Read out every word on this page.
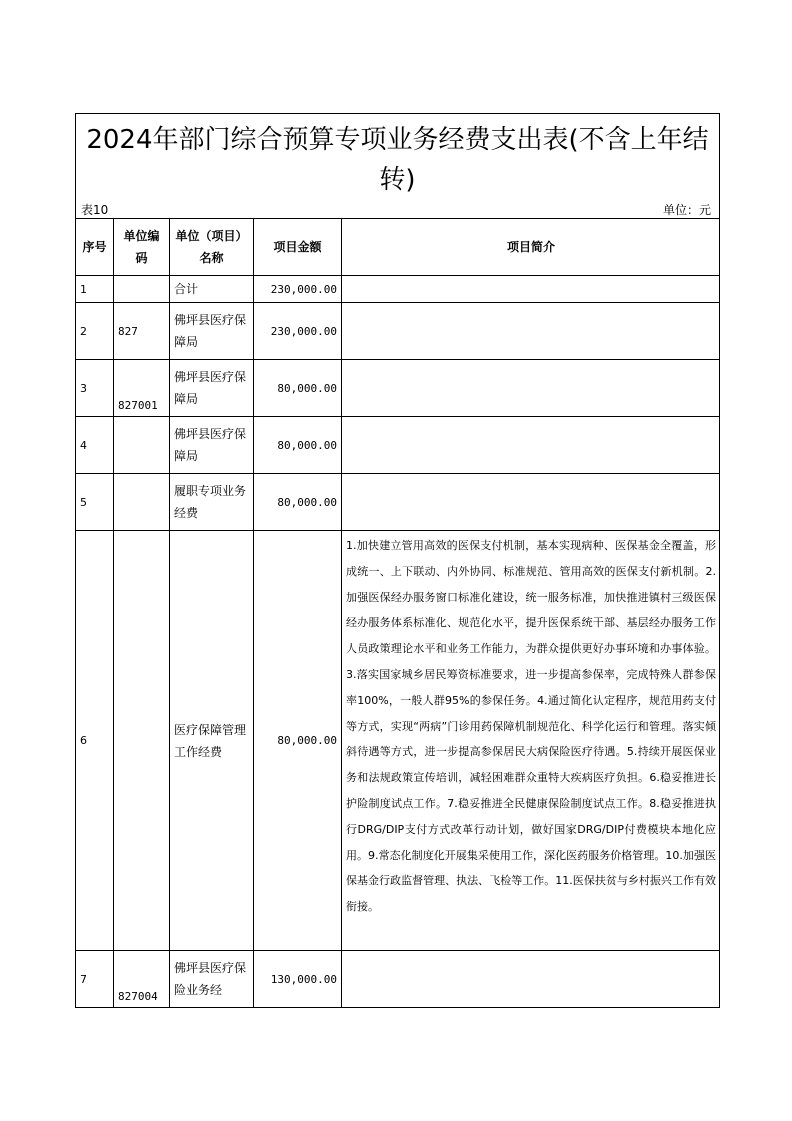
2024年部门综合预算专项业务经费支出表(不含上年结转)
表10	单位：元
序号	单位编码	单位（项目）名称	项目金额	项目简介
1		合计	230,000.00	
2	827	佛坪县医疗保障局	230,000.00	
3	827001	佛坪县医疗保障局	80,000.00	
4		佛坪县医疗保障局	80,000.00	
5		履职专项业务经费	80,000.00	
6		医疗保障管理工作经费	80,000.00	1.加快建立管用高效的医保支付机制，基本实现病种、医保基金全覆盖，形成统一、上下联动、内外协同、标准规范、管用高效的医保支付新机制。2.加强医保经办服务窗口标准化建设，统一服务标准，加快推进镇村三级医保经办服务体系标准化、规范化水平，提升医保系统干部、基层经办服务工作人员政策理论水平和业务工作能力，为群众提供更好办事环境和办事体验。3.落实国家城乡居民筹资标准要求，进一步提高参保率，完成特殊人群参保率100%，一般人群95%的参保任务。4.通过简化认定程序，规范用药支付等方式，实现“两病”门诊用药保障机制规范化、科学化运行和管理。落实倾斜待遇等方式，进一步提高参保居民大病保险医疗待遇。5.持续开展医保业务和法规政策宣传培训，减轻困难群众重特大疾病医疗负担。6.稳妥推进长护险制度试点工作。7.稳妥推进全民健康保险制度试点工作。8.稳妥推进执行DRG/DIP支付方式改革行动计划，做好国家DRG/DIP付费模块本地化应用。9.常态化制度化开展集采使用工作，深化医药服务价格管理。10.加强医保基金行政监督管理、执法、飞检等工作。11.医保扶贫与乡村振兴工作有效衔接。
7	827004	佛坪县医疗保险业务经	130,000.00	
